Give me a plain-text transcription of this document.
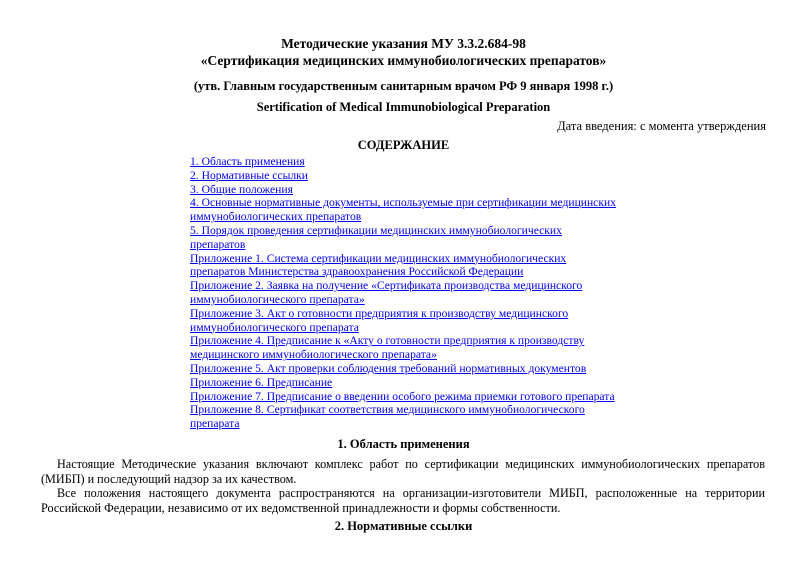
Методические указания МУ 3.3.2.684-98
«Сертификация медицинских иммунобиологических препаратов»
(утв. Главным государственным санитарным врачом РФ 9 января 1998 г.)
Sertification of Medical Immunobiological Preparation
Дата введения: с момента утверждения
СОДЕРЖАНИЕ
1. Область применения
2. Нормативные ссылки
3. Общие положения
4. Основные нормативные документы, используемые при сертификации медицинских иммунобиологических препаратов
5. Порядок проведения сертификации медицинских иммунобиологических препаратов
Приложение 1. Система сертификации медицинских иммунобиологических препаратов Министерства здравоохранения Российской Федерации
Приложение 2. Заявка на получение «Сертификата производства медицинского иммунобиологического препарата»
Приложение 3. Акт о готовности предприятия к производству медицинского иммунобиологического препарата
Приложение 4. Предписание к «Акту о готовности предприятия к производству медицинского иммунобиологического препарата»
Приложение 5. Акт проверки соблюдения требований нормативных документов
Приложение 6. Предписание
Приложение 7. Предписание о введении особого режима приемки готового препарата
Приложение 8. Сертификат соответствия медицинского иммунобиологического препарата
1. Область применения

Настоящие Методические указания включают комплекс работ по сертификации медицинских иммунобиологических препаратов (МИБП) и последующий надзор за их качеством.

Все положения настоящего документа распространяются на организации-изготовители МИБП, расположенные на территории Российской Федерации, независимо от их ведомственной принадлежности и формы собственности.

2. Нормативные ссылки
